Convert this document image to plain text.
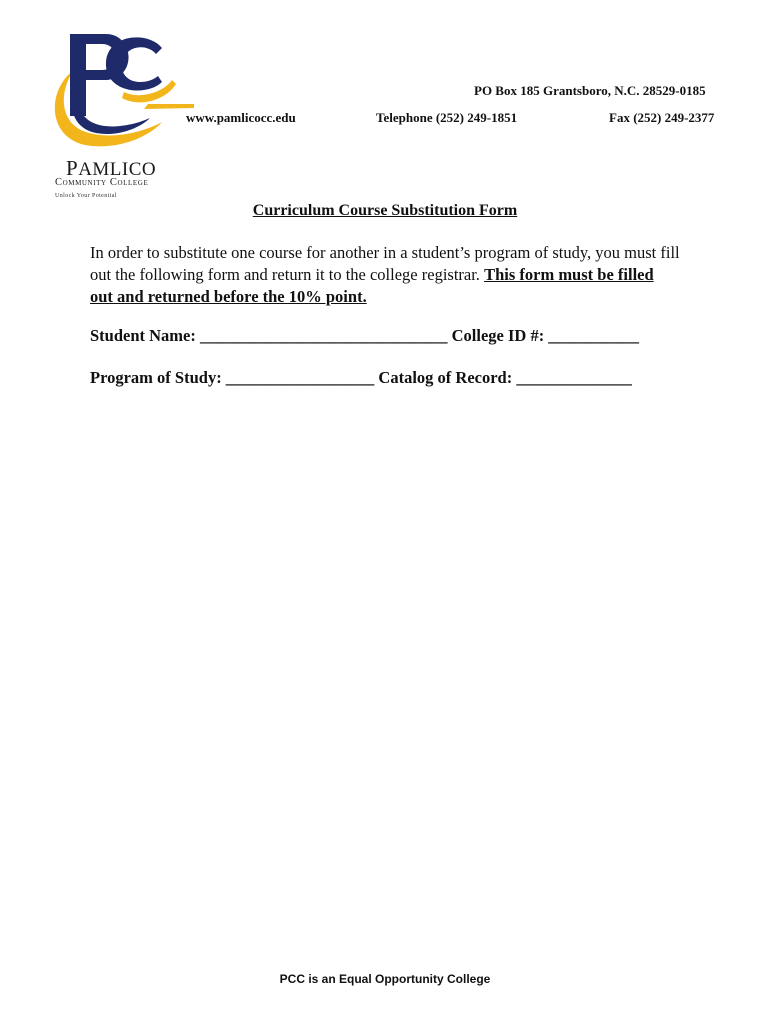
PAMLICO
Community College
Unlock Your Potential
PO Box 185 Grantsboro, N.C. 28529-0185
www.pamlicocc.edu	Telephone (252) 249-1851	Fax (252) 249-2377
Curriculum Course Substitution Form
In order to substitute one course for another in a student’s program of study, you must fill out the following form and return it to the college registrar. This form must be filled out and returned before the 10% point.
Student Name: ______________________________ College ID #: ___________
Program of Study: __________________ Catalog of Record: ______________
PCC is an Equal Opportunity College
